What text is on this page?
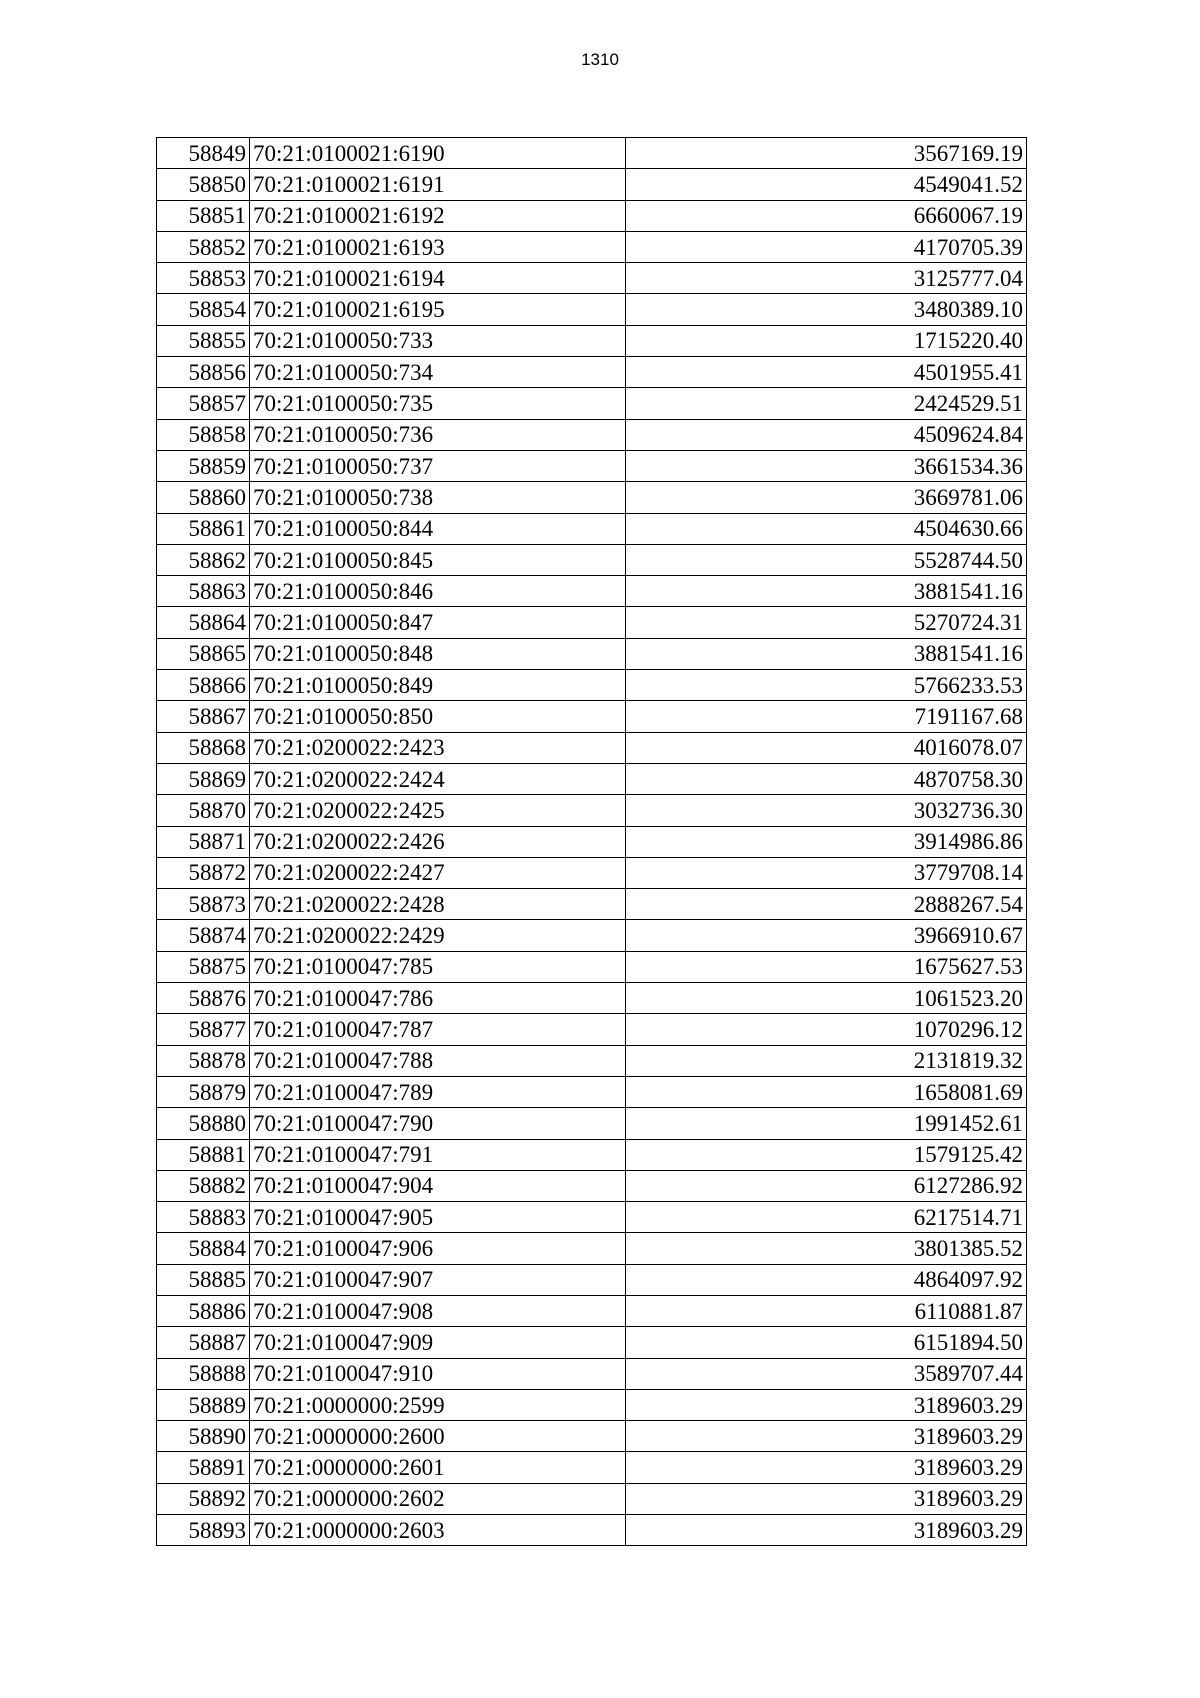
1310
58849	70:21:0100021:6190	3567169.19
58850	70:21:0100021:6191	4549041.52
58851	70:21:0100021:6192	6660067.19
58852	70:21:0100021:6193	4170705.39
58853	70:21:0100021:6194	3125777.04
58854	70:21:0100021:6195	3480389.10
58855	70:21:0100050:733	1715220.40
58856	70:21:0100050:734	4501955.41
58857	70:21:0100050:735	2424529.51
58858	70:21:0100050:736	4509624.84
58859	70:21:0100050:737	3661534.36
58860	70:21:0100050:738	3669781.06
58861	70:21:0100050:844	4504630.66
58862	70:21:0100050:845	5528744.50
58863	70:21:0100050:846	3881541.16
58864	70:21:0100050:847	5270724.31
58865	70:21:0100050:848	3881541.16
58866	70:21:0100050:849	5766233.53
58867	70:21:0100050:850	7191167.68
58868	70:21:0200022:2423	4016078.07
58869	70:21:0200022:2424	4870758.30
58870	70:21:0200022:2425	3032736.30
58871	70:21:0200022:2426	3914986.86
58872	70:21:0200022:2427	3779708.14
58873	70:21:0200022:2428	2888267.54
58874	70:21:0200022:2429	3966910.67
58875	70:21:0100047:785	1675627.53
58876	70:21:0100047:786	1061523.20
58877	70:21:0100047:787	1070296.12
58878	70:21:0100047:788	2131819.32
58879	70:21:0100047:789	1658081.69
58880	70:21:0100047:790	1991452.61
58881	70:21:0100047:791	1579125.42
58882	70:21:0100047:904	6127286.92
58883	70:21:0100047:905	6217514.71
58884	70:21:0100047:906	3801385.52
58885	70:21:0100047:907	4864097.92
58886	70:21:0100047:908	6110881.87
58887	70:21:0100047:909	6151894.50
58888	70:21:0100047:910	3589707.44
58889	70:21:0000000:2599	3189603.29
58890	70:21:0000000:2600	3189603.29
58891	70:21:0000000:2601	3189603.29
58892	70:21:0000000:2602	3189603.29
58893	70:21:0000000:2603	3189603.29
